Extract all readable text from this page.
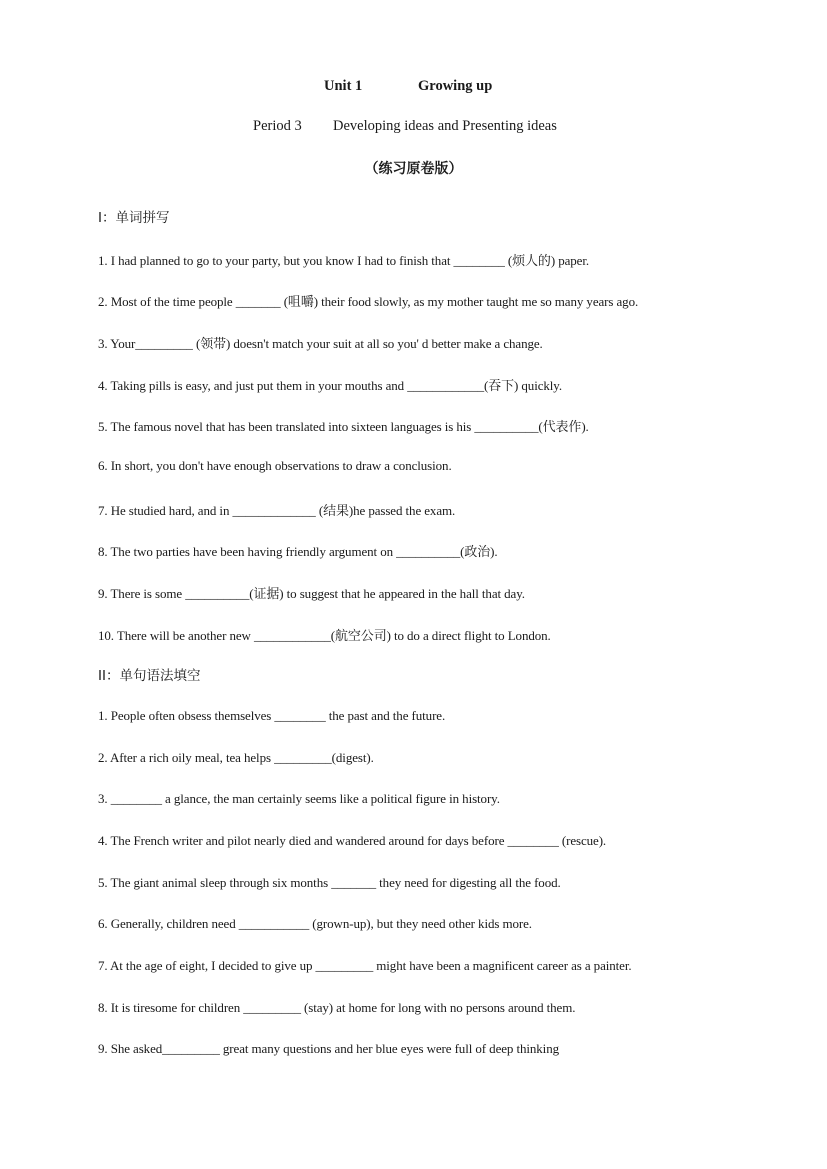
Unit 1	Growing up
Period 3 Developing ideas and Presenting ideas
（练习原卷版）
I：单词拼写
1. I had planned to go to your party, but you know I had to finish that ________ (烦人的) paper.
2. Most of the time people _______ (咀嚼) their food slowly, as my mother taught me so many years ago.
3. Your_________ (领带) doesn't match your suit at all so you' d better make a change.
4. Taking pills is easy, and just put them in your mouths and ____________(吞下) quickly.
5. The famous novel that has been translated into sixteen languages is his __________(代表作).
6. In short, you don't have enough observations to draw a conclusion.
7. He studied hard, and in _____________ (结果)he passed the exam.
8. The two parties have been having friendly argument on __________(政治).
9. There is some __________(证据) to suggest that he appeared in the hall that day.
10. There will be another new ____________(航空公司) to do a direct flight to London.
II：单句语法填空
1. People often obsess themselves ________ the past and the future.
2. After a rich oily meal, tea helps _________(digest).
3. ________ a glance, the man certainly seems like a political figure in history.
4. The French writer and pilot nearly died and wandered around for days before ________ (rescue).
5. The giant animal sleep through six months _______ they need for digesting all the food.
6. Generally, children need ___________ (grown-up), but they need other kids more.
7. At the age of eight, I decided to give up _________ might have been a magnificent career as a painter.
8. It is tiresome for children _________ (stay) at home for long with no persons around them.
9. She asked_________ great many questions and her blue eyes were full of deep thinking
